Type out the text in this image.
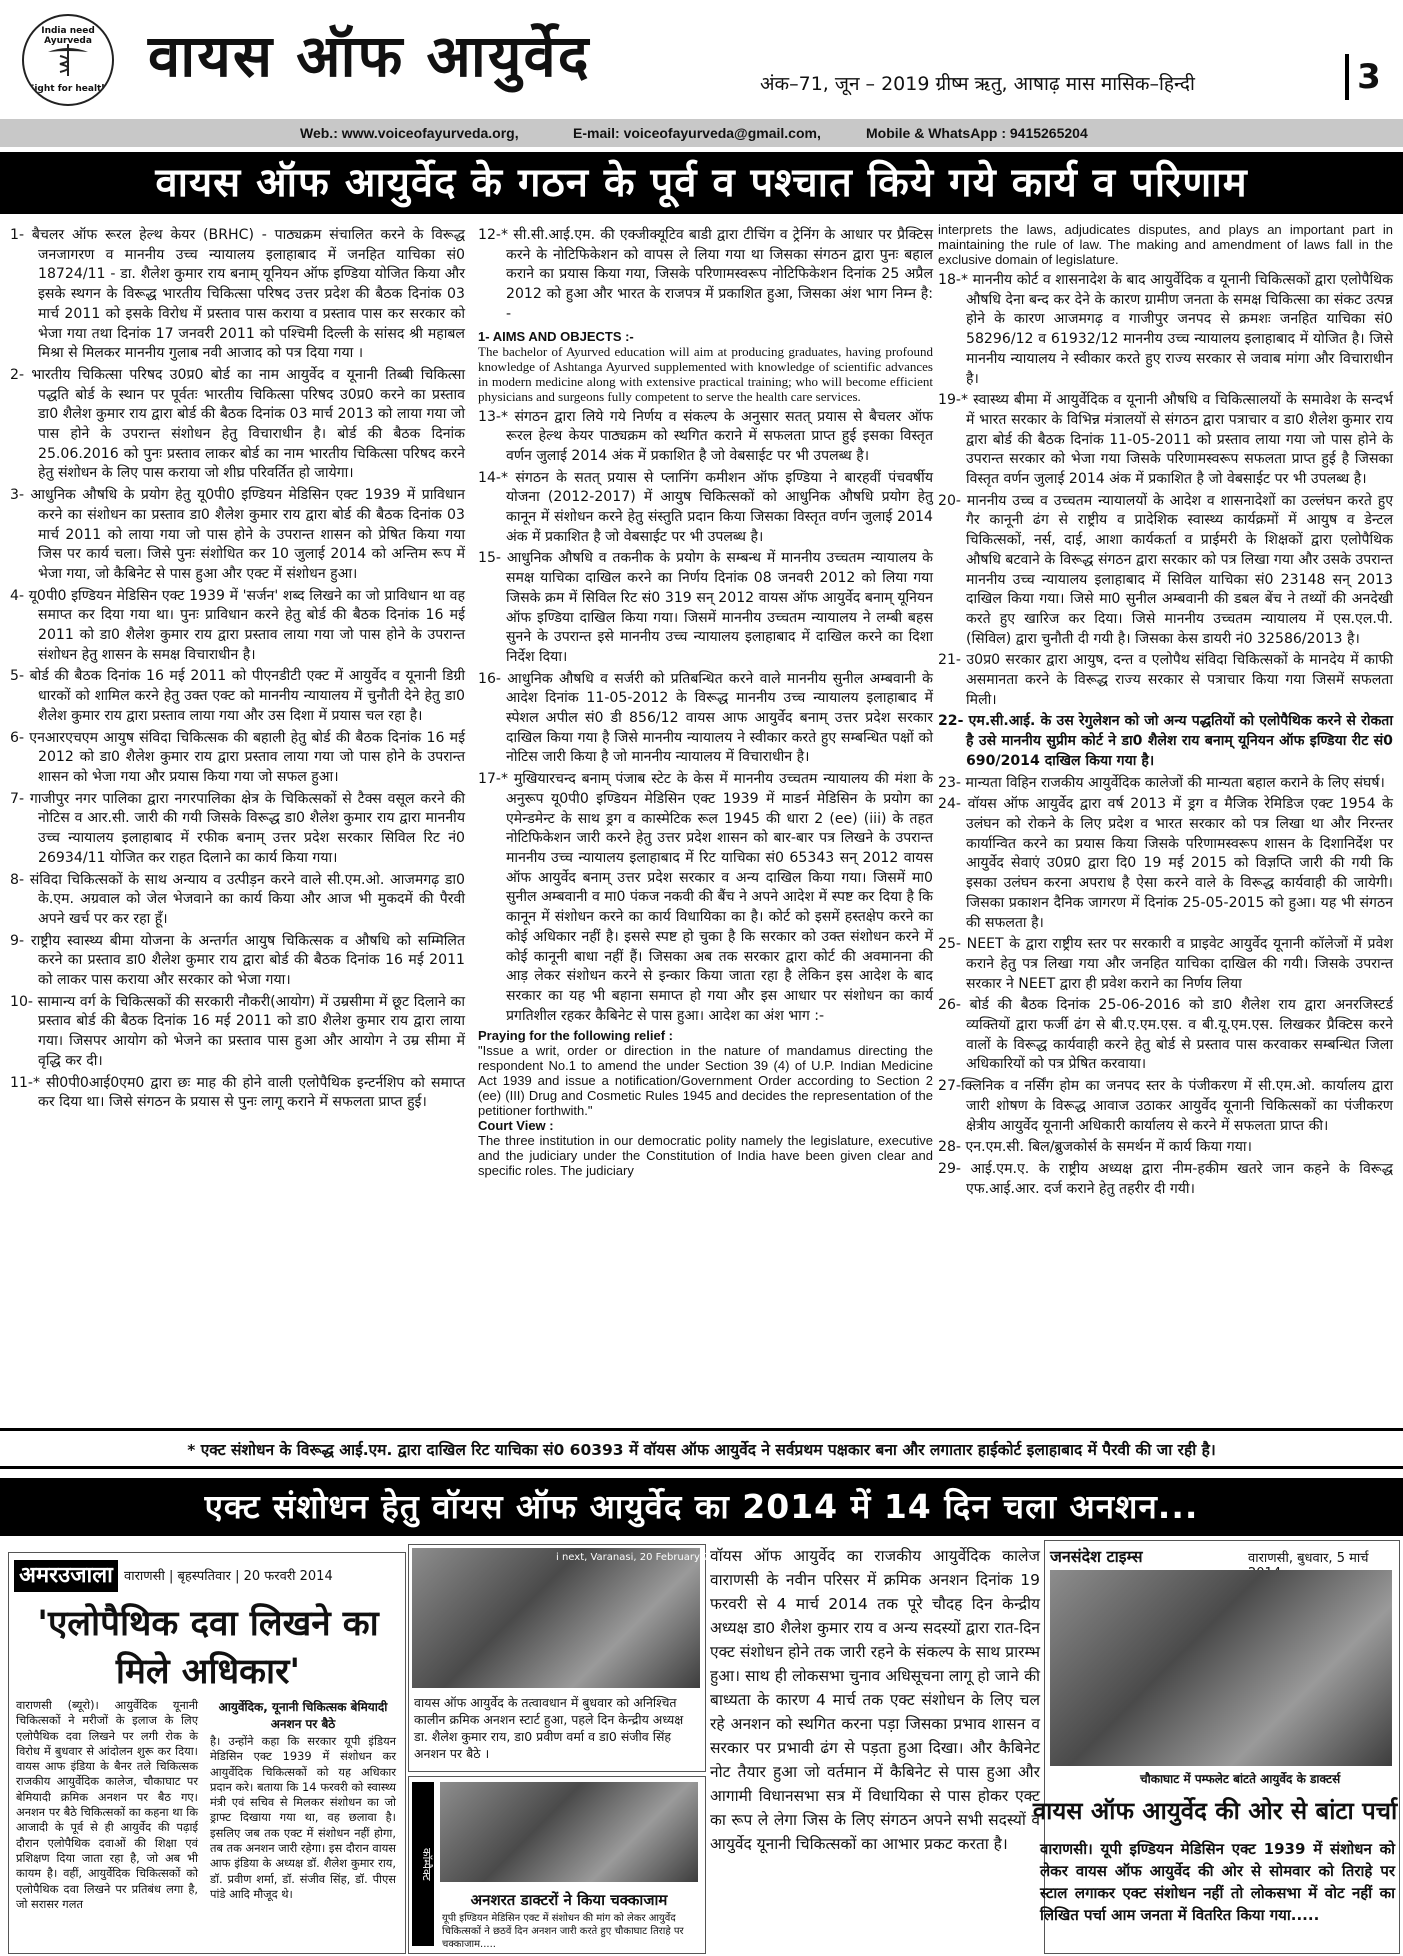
India need Ayurveda
Fight for health वायस ऑफ आयुर्वेद	अंक–71, जून – 2019 ग्रीष्म ऋतु, आषाढ़ मास मासिक–हिन्दी	3
Web.: www.voiceofayurveda.org,	E-mail: voiceofayurveda@gmail.com,	Mobile & WhatsApp : 9415265204
वायस ऑफ आयुर्वेद के गठन के पूर्व व पश्चात किये गये कार्य व परिणाम

1- बैचलर ऑफ रूरल हेल्थ केयर (BRHC) - पाठ्यक्रम संचालित करने के विरूद्ध जनजागरण व माननीय उच्च न्यायालय इलाहाबाद में जनहित याचिका सं0 18724/11 - डा. शैलेश कुमार राय बनाम् यूनियन ऑफ इण्डिया योजित किया और इसके स्थगन के विरूद्ध भारतीय चिकित्सा परिषद उत्तर प्रदेश की बैठक दिनांक 03 मार्च 2011 को इसके विरोध में प्रस्ताव पास कराया व प्रस्ताव पास कर सरकार को भेजा गया तथा दिनांक 17 जनवरी 2011 को पश्चिमी दिल्ली के सांसद श्री महाबल मिश्रा से मिलकर माननीय गुलाब नवी आजाद को पत्र दिया गया ।

2- भारतीय चिकित्सा परिषद उ0प्र0 बोर्ड का नाम आयुर्वेद व यूनानी तिब्बी चिकित्सा पद्धति बोर्ड के स्थान पर पूर्वतः भारतीय चिकित्सा परिषद उ0प्र0 करने का प्रस्ताव डा0 शैलेश कुमार राय द्वारा बोर्ड की बैठक दिनांक 03 मार्च 2013 को लाया गया जो पास होने के उपरान्त संशोधन हेतु विचाराधीन है। बोर्ड की बैठक दिनांक 25.06.2016 को पुनः प्रस्ताव लाकर बोर्ड का नाम भारतीय चिकित्सा परिषद करने हेतु संशोधन के लिए पास कराया जो शीघ्र परिवर्तित हो जायेगा।

3- आधुनिक औषधि के प्रयोग हेतु यू0पी0 इण्डियन मेडिसिन एक्ट 1939 में प्राविधान करने का संशोधन का प्रस्ताव डा0 शैलेश कुमार राय द्वारा बोर्ड की बैठक दिनांक 03 मार्च 2011 को लाया गया जो पास होने के उपरान्त शासन को प्रेषित किया गया जिस पर कार्य चला। जिसे पुनः संशोधित कर 10 जुलाई 2014 को अन्तिम रूप में भेजा गया, जो कैबिनेट से पास हुआ और एक्ट में संशोधन हुआ।

4- यू0पी0 इण्डियन मेडिसिन एक्ट 1939 में 'सर्जन' शब्द लिखने का जो प्राविधान था वह समाप्त कर दिया गया था। पुनः प्राविधान करने हेतु बोर्ड की बैठक दिनांक 16 मई 2011 को डा0 शैलेश कुमार राय द्वारा प्रस्ताव लाया गया जो पास होने के उपरान्त संशोधन हेतु शासन के समक्ष विचाराधीन है।

5- बोर्ड की बैठक दिनांक 16 मई 2011 को पीएनडीटी एक्ट में आयुर्वेद व यूनानी डिग्री धारकों को शामिल करने हेतु उक्त एक्ट को माननीय न्यायालय में चुनौती देने हेतु डा0 शैलेश कुमार राय द्वारा प्रस्ताव लाया गया और उस दिशा में प्रयास चल रहा है।

6- एनआरएचएम आयुष संविदा चिकित्सक की बहाली हेतु बोर्ड की बैठक दिनांक 16 मई 2012 को डा0 शैलेश कुमार राय द्वारा प्रस्ताव लाया गया जो पास होने के उपरान्त शासन को भेजा गया और प्रयास किया गया जो सफल हुआ।

7- गाजीपुर नगर पालिका द्वारा नगरपालिका क्षेत्र के चिकित्सकों से टैक्स वसूल करने की नोटिस व आर.सी. जारी की गयी जिसके विरूद्ध डा0 शैलेश कुमार राय द्वारा माननीय उच्च न्यायालय इलाहाबाद में रफीक बनाम् उत्तर प्रदेश सरकार सिविल रिट नं0 26934/11 योजित कर राहत दिलाने का कार्य किया गया।

8- संविदा चिकित्सकों के साथ अन्याय व उत्पीड़न करने वाले सी.एम.ओ. आजमगढ़ डा0 के.एम. अग्रवाल को जेल भेजवाने का कार्य किया और आज भी मुकदमें की पैरवी अपने खर्च पर कर रहा हूँ।

9- राष्ट्रीय स्वास्थ्य बीमा योजना के अन्तर्गत आयुष चिकित्सक व औषधि को सम्मिलित करने का प्रस्ताव डा0 शैलेश कुमार राय द्वारा बोर्ड की बैठक दिनांक 16 मई 2011 को लाकर पास कराया और सरकार को भेजा गया।

10- सामान्य वर्ग के चिकित्सकों की सरकारी नौकरी(आयोग) में उम्रसीमा में छूट दिलाने का प्रस्ताव बोर्ड की बैठक दिनांक 16 मई 2011 को डा0 शैलेश कुमार राय द्वारा लाया गया। जिसपर आयोग को भेजने का प्रस्ताव पास हुआ और आयोग ने उम्र सीमा में वृद्धि कर दी।

11-* सी0पी0आई0एम0 द्वारा छः माह की होने वाली एलोपैथिक इन्टर्नशिप को समाप्त कर दिया था। जिसे संगठन के प्रयास से पुनः लागू कराने में सफलता प्राप्त हुई।

12-* सी.सी.आई.एम. की एक्जीक्यूटिव बाडी द्वारा टीचिंग व ट्रेनिंग के आधार पर प्रैक्टिस करने के नोटिफिकेशन को वापस ले लिया गया था जिसका संगठन द्वारा पुनः बहाल कराने का प्रयास किया गया, जिसके परिणामस्वरूप नोटिफिकेशन दिनांक 25 अप्रैल 2012 को हुआ और भारत के राजपत्र में प्रकाशित हुआ, जिसका अंश भाग निम्न है: -

1- AIMS AND OBJECTS :-

The bachelor of Ayurved education will aim at producing graduates, having profound knowledge of Ashtanga Ayurved supplemented with knowledge of scientific advances in modern medicine along with extensive practical training; who will become efficient physicians and surgeons fully competent to serve the health care services.

13-* संगठन द्वारा लिये गये निर्णय व संकल्प के अनुसार सतत् प्रयास से बैचलर ऑफ रूरल हेल्थ केयर पाठ्यक्रम को स्थगित कराने में सफलता प्राप्त हुई इसका विस्तृत वर्णन जुलाई 2014 अंक में प्रकाशित है जो वेबसाईट पर भी उपलब्ध है।

14-* संगठन के सतत् प्रयास से प्लानिंग कमीशन ऑफ इण्डिया ने बारहवीं पंचवर्षीय योजना (2012-2017) में आयुष चिकित्सकों को आधुनिक औषधि प्रयोग हेतु कानून में संशोधन करने हेतु संस्तुति प्रदान किया जिसका विस्तृत वर्णन जुलाई 2014 अंक में प्रकाशित है जो वेबसाईट पर भी उपलब्ध है।

15- आधुनिक औषधि व तकनीक के प्रयोग के सम्बन्ध में माननीय उच्चतम न्यायालय के समक्ष याचिका दाखिल करने का निर्णय दिनांक 08 जनवरी 2012 को लिया गया जिसके क्रम में सिविल रिट सं0 319 सन् 2012 वायस ऑफ आयुर्वेद बनाम् यूनियन ऑफ इण्डिया दाखिल किया गया। जिसमें माननीय उच्चतम न्यायालय ने लम्बी बहस सुनने के उपरान्त इसे माननीय उच्च न्यायालय इलाहाबाद में दाखिल करने का दिशा निर्देश दिया।

16- आधुनिक औषधि व सर्जरी को प्रतिबन्धित करने वाले माननीय सुनील अम्बवानी के आदेश दिनांक 11-05-2012 के विरूद्ध माननीय उच्च न्यायालय इलाहाबाद में स्पेशल अपील सं0 डी 856/12 वायस आफ आयुर्वेद बनाम् उत्तर प्रदेश सरकार दाखिल किया गया है जिसे माननीय न्यायालय ने स्वीकार करते हुए सम्बन्धित पक्षों को नोटिस जारी किया है जो माननीय न्यायालय में विचाराधीन है।

17-* मुखियारचन्द बनाम् पंजाब स्टेट के केस में माननीय उच्चतम न्यायालय की मंशा के अनुरूप यू0पी0 इण्डियन मेडिसिन एक्ट 1939 में माडर्न मेडिसिन के प्रयोग का एमेन्डमेन्ट के साथ ड्रग व कास्मेटिक रूल 1945 की धारा 2 (ee) (iii) के तहत नोटिफिकेशन जारी करने हेतु उत्तर प्रदेश शासन को बार-बार पत्र लिखने के उपरान्त माननीय उच्च न्यायालय इलाहाबाद में रिट याचिका सं0 65343 सन् 2012 वायस ऑफ आयुर्वेद बनाम् उत्तर प्रदेश सरकार व अन्य दाखिल किया गया। जिसमें मा0 सुनील अम्बवानी व मा0 पंकज नकवी की बैंच ने अपने आदेश में स्पष्ट कर दिया है कि कानून में संशोधन करने का कार्य विधायिका का है। कोर्ट को इसमें हस्तक्षेप करने का कोई अधिकार नहीं है। इससे स्पष्ट हो चुका है कि सरकार को उक्त संशोधन करने में कोई कानूनी बाधा नहीं हैं। जिसका अब तक सरकार द्वारा कोर्ट की अवमानना की आड़ लेकर संशोधन करने से इन्कार किया जाता रहा है लेकिन इस आदेश के बाद सरकार का यह भी बहाना समाप्त हो गया और इस आधार पर संशोधन का कार्य प्रगतिशील रहकर कैबिनेट से पास हुआ। आदेश का अंश भाग :-

Praying for the following relief :

"Issue a writ, order or direction in the nature of mandamus directing the respondent No.1 to amend the under Section 39 (4) of U.P. Indian Medicine Act 1939 and issue a notification/Government Order according to Section 2 (ee) (III) Drug and Cosmetic Rules 1945 and decides the representation of the petitioner forthwith."

Court View :

The three institution in our democratic polity namely the legislature, executive and the judiciary under the Constitution of India have been given clear and specific roles. The judiciary

interprets the laws, adjudicates disputes, and plays an important part in maintaining the rule of law. The making and amendment of laws fall in the exclusive domain of legislature.

18-* माननीय कोर्ट व शासनादेश के बाद आयुर्वेदिक व यूनानी चिकित्सकों द्वारा एलोपैथिक औषधि देना बन्द कर देने के कारण ग्रामीण जनता के समक्ष चिकित्सा का संकट उत्पन्न होने के कारण आजमगढ़ व गाजीपुर जनपद से क्रमशः जनहित याचिका सं0 58296/12 व 61932/12 माननीय उच्च न्यायालय इलाहाबाद में योजित है। जिसे माननीय न्यायालय ने स्वीकार करते हुए राज्य सरकार से जवाब मांगा और विचाराधीन है।

19-* स्वास्थ्य बीमा में आयुर्वेदिक व यूनानी औषधि व चिकित्सालयों के समावेश के सन्दर्भ में भारत सरकार के विभिन्न मंत्रालयों से संगठन द्वारा पत्राचार व डा0 शैलेश कुमार राय द्वारा बोर्ड की बैठक दिनांक 11-05-2011 को प्रस्ताव लाया गया जो पास होने के उपरान्त सरकार को भेजा गया जिसके परिणामस्वरूप सफलता प्राप्त हुई है जिसका विस्तृत वर्णन जुलाई 2014 अंक में प्रकाशित है जो वेबसाईट पर भी उपलब्ध है।

20- माननीय उच्च व उच्चतम न्यायालयों के आदेश व शासनादेशों का उल्लंघन करते हुए गैर कानूनी ढंग से राष्ट्रीय व प्रादेशिक स्वास्थ्य कार्यक्रमों में आयुष व डेन्टल चिकित्सकों, नर्स, दाई, आशा कार्यकर्ता व प्राईमरी के शिक्षकों द्वारा एलोपैथिक औषधि बटवाने के विरूद्ध संगठन द्वारा सरकार को पत्र लिखा गया और उसके उपरान्त माननीय उच्च न्यायालय इलाहाबाद में सिविल याचिका सं0 23148 सन् 2013 दाखिल किया गया। जिसे मा0 सुनील अम्बवानी की डबल बेंच ने तथ्यों की अनदेखी करते हुए खारिज कर दिया। जिसे माननीय उच्चतम न्यायालय में एस.एल.पी. (सिविल) द्वारा चुनौती दी गयी है। जिसका केस डायरी नं0 32586/2013 है।

21- उ0प्र0 सरकार द्वारा आयुष, दन्त व एलोपैथ संविदा चिकित्सकों के मानदेय में काफी असमानता करने के विरूद्ध राज्य सरकार से पत्राचार किया गया जिसमें सफलता मिली।

22- एम.सी.आई. के उस रेगुलेशन को जो अन्य पद्धतियों को एलोपैथिक करने से रोकता है उसे माननीय सुप्रीम कोर्ट ने डा0 शैलेश राय बनाम् यूनियन ऑफ इण्डिया रीट सं0 690/2014 दाखिल किया गया है।

23- मान्यता विहिन राजकीय आयुर्वेदिक कालेजों की मान्यता बहाल कराने के लिए संघर्ष।

24- वॉयस ऑफ आयुर्वेद द्वारा वर्ष 2013 में ड्रग व मैजिक रेमिडिज एक्ट 1954 के उलंघन को रोकने के लिए प्रदेश व भारत सरकार को पत्र लिखा था और निरन्तर कार्यान्वित करने का प्रयास किया जिसके परिणामस्वरूप शासन के दिशानिर्देश पर आयुर्वेद सेवाएं उ0प्र0 द्वारा दि0 19 मई 2015 को विज्ञप्ति जारी की गयी कि इसका उलंघन करना अपराध है ऐसा करने वाले के विरूद्ध कार्यवाही की जायेगी। जिसका प्रकाशन दैनिक जागरण में दिनांक 25-05-2015 को हुआ। यह भी संगठन की सफलता है।

25- NEET के द्वारा राष्ट्रीय स्तर पर सरकारी व प्राइवेट आयुर्वेद यूनानी कॉलेजों में प्रवेश कराने हेतु पत्र लिखा गया और जनहित याचिका दाखिल की गयी। जिसके उपरान्त सरकार ने NEET द्वारा ही प्रवेश कराने का निर्णय लिया

26- बोर्ड की बैठक दिनांक 25-06-2016 को डा0 शैलेश राय द्वारा अनरजिस्टर्ड व्यक्तियों द्वारा फर्जी ढंग से बी.ए.एम.एस. व बी.यू.एम.एस. लिखकर प्रैक्टिस करने वालों के विरूद्ध कार्यवाही करने हेतु बोर्ड से प्रस्ताव पास करवाकर सम्बन्धित जिला अधिकारियों को पत्र प्रेषित करवाया।

27-क्लिनिक व नर्सिंग होम का जनपद स्तर के पंजीकरण में सी.एम.ओ. कार्यालय द्वारा जारी शोषण के विरूद्ध आवाज उठाकर आयुर्वेद यूनानी चिकित्सकों का पंजीकरण क्षेत्रीय आयुर्वेद यूनानी अधिकारी कार्यालय से करने में सफलता प्राप्त की।

28- एन.एम.सी. बिल/ब्रुजकोर्स के समर्थन में कार्य किया गया।

29- आई.एम.ए. के राष्ट्रीय अध्यक्ष द्वारा नीम-हकीम खतरे जान कहने के विरूद्ध एफ.आई.आर. दर्ज कराने हेतु तहरीर दी गयी।

* एक्ट संशोधन के विरूद्ध आई.एम. द्वारा दाखिल रिट याचिका सं0 60393 में वॉयस ऑफ आयुर्वेद ने सर्वप्रथम पक्षकार बना और लगातार हाईकोर्ट इलाहाबाद में पैरवी की जा रही है।
एक्ट संशोधन हेतु वॉयस ऑफ आयुर्वेद का 2014 में 14 दिन चला अनशन...
अमरउजाला वाराणसी | बृहस्पतिवार | 20 फरवरी 2014
'एलोपैथिक दवा लिखने का मिले अधिकार'
वाराणसी (ब्यूरो)। आयुर्वेदिक यूनानी चिकित्सकों ने मरीजों के इलाज के लिए एलोपैथिक दवा लिखने पर लगी रोक के विरोध में बुधवार से आंदोलन शुरू कर दिया। वायस आफ इंडिया के बैनर तले चिकित्सक राजकीय आयुर्वेदिक कालेज, चौकाघाट पर बेमियादी क्रमिक अनशन पर बैठ गए। अनशन पर बैठे चिकित्सकों का कहना था कि आजादी के पूर्व से ही आयुर्वेद की पढ़ाई दौरान एलोपैथिक दवाओं की शिक्षा एवं प्रशिक्षण दिया जाता रहा है, जो अब भी कायम है। वहीं, आयुर्वेदिक चिकित्सकों को एलोपैथिक दवा लिखने पर प्रतिबंध लगा है, जो सरासर गलत
आयुर्वेदिक, यूनानी चिकित्सक बेमियादी अनशन पर बैठे
है। उन्होंने कहा कि सरकार यूपी इंडियन मेडिसिन एक्ट 1939 में संशोधन कर आयुर्वेदिक चिकित्सकों को यह अधिकार प्रदान करे। बताया कि 14 फरवरी को स्वास्थ्य मंत्री एवं सचिव से मिलकर संशोधन का जो ड्राफ्ट दिखाया गया था, वह छलावा है। इसलिए जब तक एक्ट में संशोधन नहीं होगा, तब तक अनशन जारी रहेगा। इस दौरान वायस आफ इंडिया के अध्यक्ष डॉ. शैलेश कुमार राय, डॉ. प्रवीण शर्मा, डॉ. संजीव सिंह, डॉ. पीएस पांडे आदि मौजूद थे।
i next, Varanasi, 20 February 2014
वायस ऑफ आयुर्वेद के तत्वावधान में बुधवार को अनिश्चित कालीन क्रमिक अनशन स्टार्ट हुआ, पहले दिन केन्द्रीय अध्यक्ष डा. शैलेश कुमार राय, डा0 प्रवीण वर्मा व डा0 संजीव सिंह अनशन पर बैठे ।
कॉम्पैक्ट
अनशरत डाक्टरों ने किया चक्काजाम
यूपी इण्डियन मेडिसिन एक्ट में संशोधन की मांग को लेकर आयुर्वेद चिकित्सकों ने छठवें दिन अनशन जारी करते हुए चौकाघाट तिराहे पर चक्काजाम.....
वॉयस ऑफ आयुर्वेद का राजकीय आयुर्वेदिक कालेज वाराणसी के नवीन परिसर में क्रमिक अनशन दिनांक 19 फरवरी से 4 मार्च 2014 तक पूरे चौदह दिन केन्द्रीय अध्यक्ष डा0 शैलेश कुमार राय व अन्य सदस्यों द्वारा रात-दिन एक्ट संशोधन होने तक जारी रहने के संकल्प के साथ प्रारम्भ हुआ। साथ ही लोकसभा चुनाव अधिसूचना लागू हो जाने की बाध्यता के कारण 4 मार्च तक एक्ट संशोधन के लिए चल रहे अनशन को स्थगित करना पड़ा जिसका प्रभाव शासन व सरकार पर प्रभावी ढंग से पड़ता हुआ दिखा। और कैबिनेट नोट तैयार हुआ जो वर्तमान में कैबिनेट से पास हुआ और आगामी विधानसभा सत्र में विधायिका से पास होकर एक्ट का रूप ले लेगा जिस के लिए संगठन अपने सभी सदस्यों व आयुर्वेद यूनानी चिकित्सकों का आभार प्रकट करता है।
जनसंदेश टाइम्स	वाराणसी, बुधवार, 5 मार्च
चौकाघाट में पम्फलेट बांटते आयुर्वेद के डाक्टर्स
वायस ऑफ आयुर्वेद की ओर से बांटा पर्चा
वाराणसी। यूपी इण्डियन मेडिसिन एक्ट 1939 में संशोधन को लेकर वायस ऑफ आयुर्वेद की ओर से सोमवार को तिराहे पर स्टाल लगाकर एक्ट संशोधन नहीं तो लोकसभा में वोट नहीं का लिखित पर्चा आम जनता में वितरित किया गया.....
